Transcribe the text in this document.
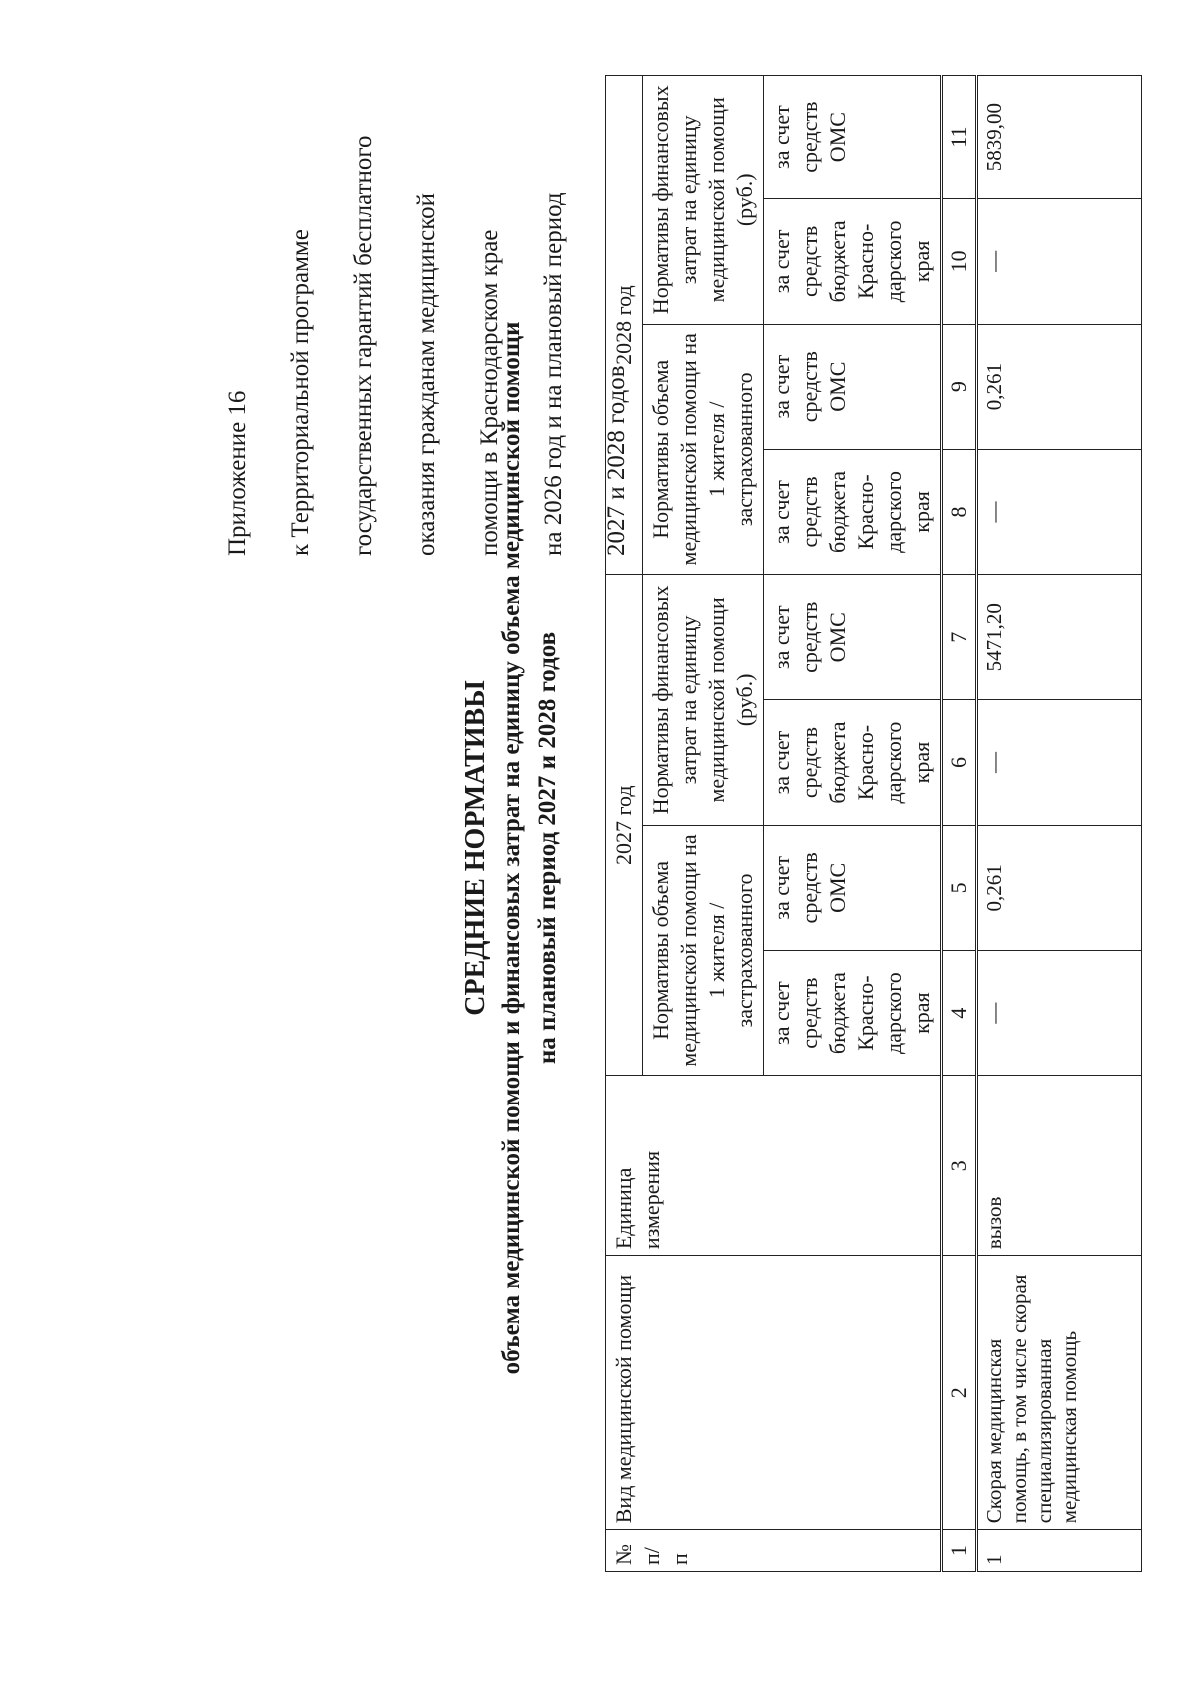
Приложение 16 к Территориальной программе государственных гарантий бесплатного оказания гражданам медицинской помощи в Краснодарском крае на 2026 год и на плановый период 2027 и 2028 годов

СРЕДНИЕ НОРМАТИВЫ объема медицинской помощи и финансовых затрат на единицу объема медицинской помощи на плановый период 2027 и 2028 годов
№ п/п	Вид медицинской помощи	Единица измерения	2027 год				2028 год			
			Нормативы объема медицинской помощи на 1 жителя / застрахованного		Нормативы финансовых затрат на единицу медицинской помощи (руб.)		Нормативы объема медицинской помощи на 1 жителя / застрахованного		Нормативы финансовых затрат на единицу медицинской помощи (руб.)	
			за счет средств бюджета Красно-дарского края	за счет средств ОМС	за счет средств бюджета Красно-дарского края	за счет средств ОМС	за счет средств бюджета Красно-дарского края	за счет средств ОМС	за счет средств бюджета Красно-дарского края	за счет средств ОМС
1	2	3	4	5	6	7	8	9	10	11
1	Скорая медицинская помощь, в том числе скорая специализированная медицинская помощь	вызов	—	0,261	—	5471,20	—	0,261	—	5839,00
